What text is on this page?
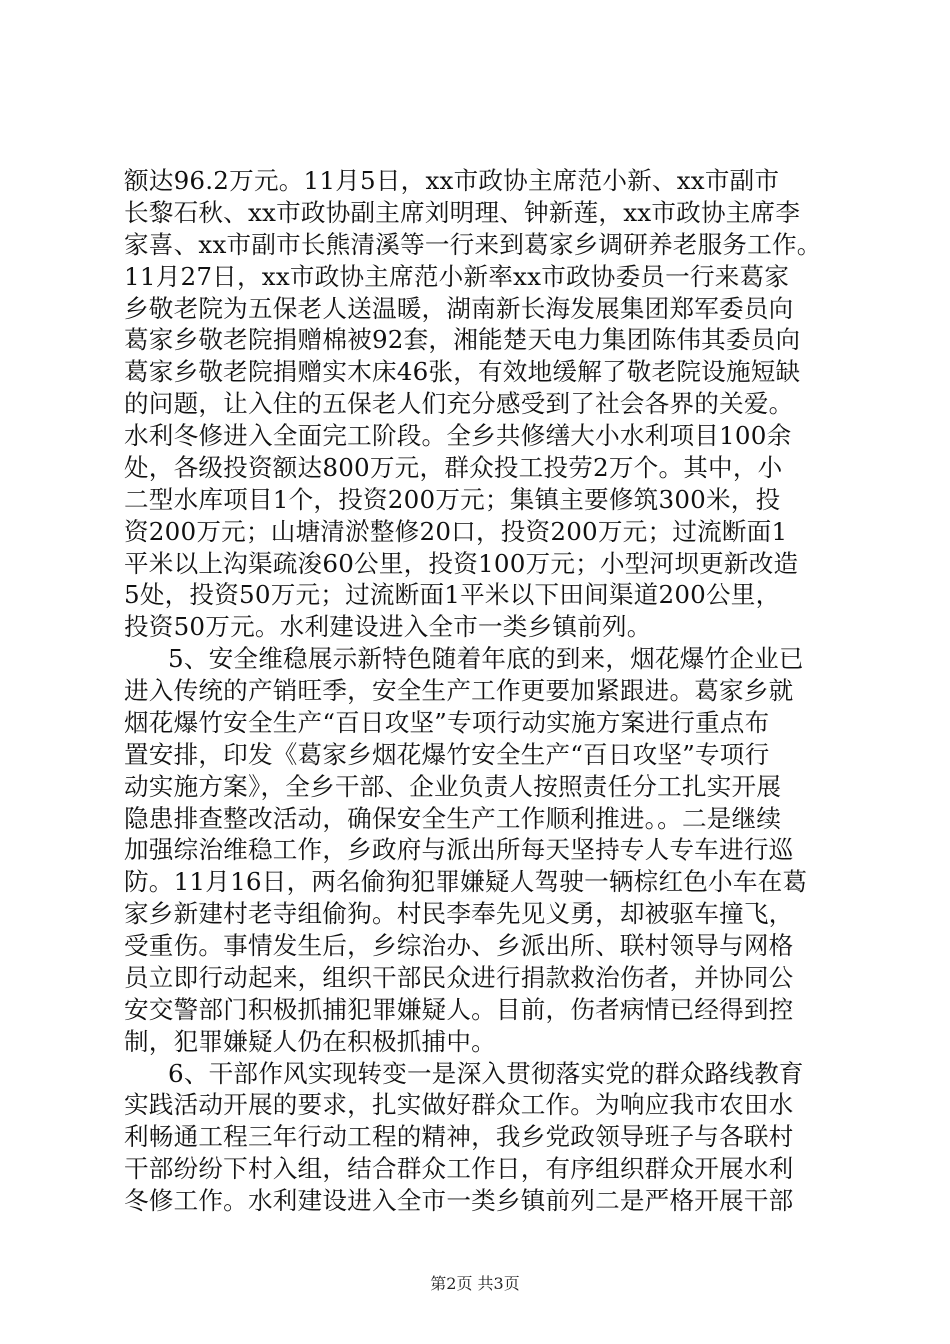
额达96.2万元。11月5日，xx市政协主席范小新、xx市副市
长黎石秋、xx市政协副主席刘明理、钟新莲，xx市政协主席李
家喜、xx市副市长熊清溪等一行来到葛家乡调研养老服务工作。
11月27日，xx市政协主席范小新率xx市政协委员一行来葛家
乡敬老院为五保老人送温暖，湖南新长海发展集团郑军委员向
葛家乡敬老院捐赠棉被92套，湘能楚天电力集团陈伟其委员向
葛家乡敬老院捐赠实木床46张，有效地缓解了敬老院设施短缺
的问题，让入住的五保老人们充分感受到了社会各界的关爱。
水利冬修进入全面完工阶段。全乡共修缮大小水利项目100余
处，各级投资额达800万元，群众投工投劳2万个。其中，小
二型水库项目1个，投资200万元；集镇主要修筑300米，投
资200万元；山塘清淤整修20口，投资200万元；过流断面1
平米以上沟渠疏浚60公里，投资100万元；小型河坝更新改造
5处，投资50万元；过流断面1平米以下田间渠道200公里，
投资50万元。水利建设进入全市一类乡镇前列。
5、安全维稳展示新特色随着年底的到来，烟花爆竹企业已
进入传统的产销旺季，安全生产工作更要加紧跟进。葛家乡就
烟花爆竹安全生产“百日攻坚”专项行动实施方案进行重点布
置安排，印发《葛家乡烟花爆竹安全生产“百日攻坚”专项行
动实施方案》，全乡干部、企业负责人按照责任分工扎实开展
隐患排查整改活动，确保安全生产工作顺利推进。。二是继续
加强综治维稳工作，乡政府与派出所每天坚持专人专车进行巡
防。11月16日，两名偷狗犯罪嫌疑人驾驶一辆棕红色小车在葛
家乡新建村老寺组偷狗。村民李奉先见义勇，却被驱车撞飞，
受重伤。事情发生后，乡综治办、乡派出所、联村领导与网格
员立即行动起来，组织干部民众进行捐款救治伤者，并协同公
安交警部门积极抓捕犯罪嫌疑人。目前，伤者病情已经得到控
制，犯罪嫌疑人仍在积极抓捕中。
6、干部作风实现转变一是深入贯彻落实党的群众路线教育
实践活动开展的要求，扎实做好群众工作。为响应我市农田水
利畅通工程三年行动工程的精神，我乡党政领导班子与各联村
干部纷纷下村入组，结合群众工作日，有序组织群众开展水利
冬修工作。水利建设进入全市一类乡镇前列二是严格开展干部
第2页 共3页
